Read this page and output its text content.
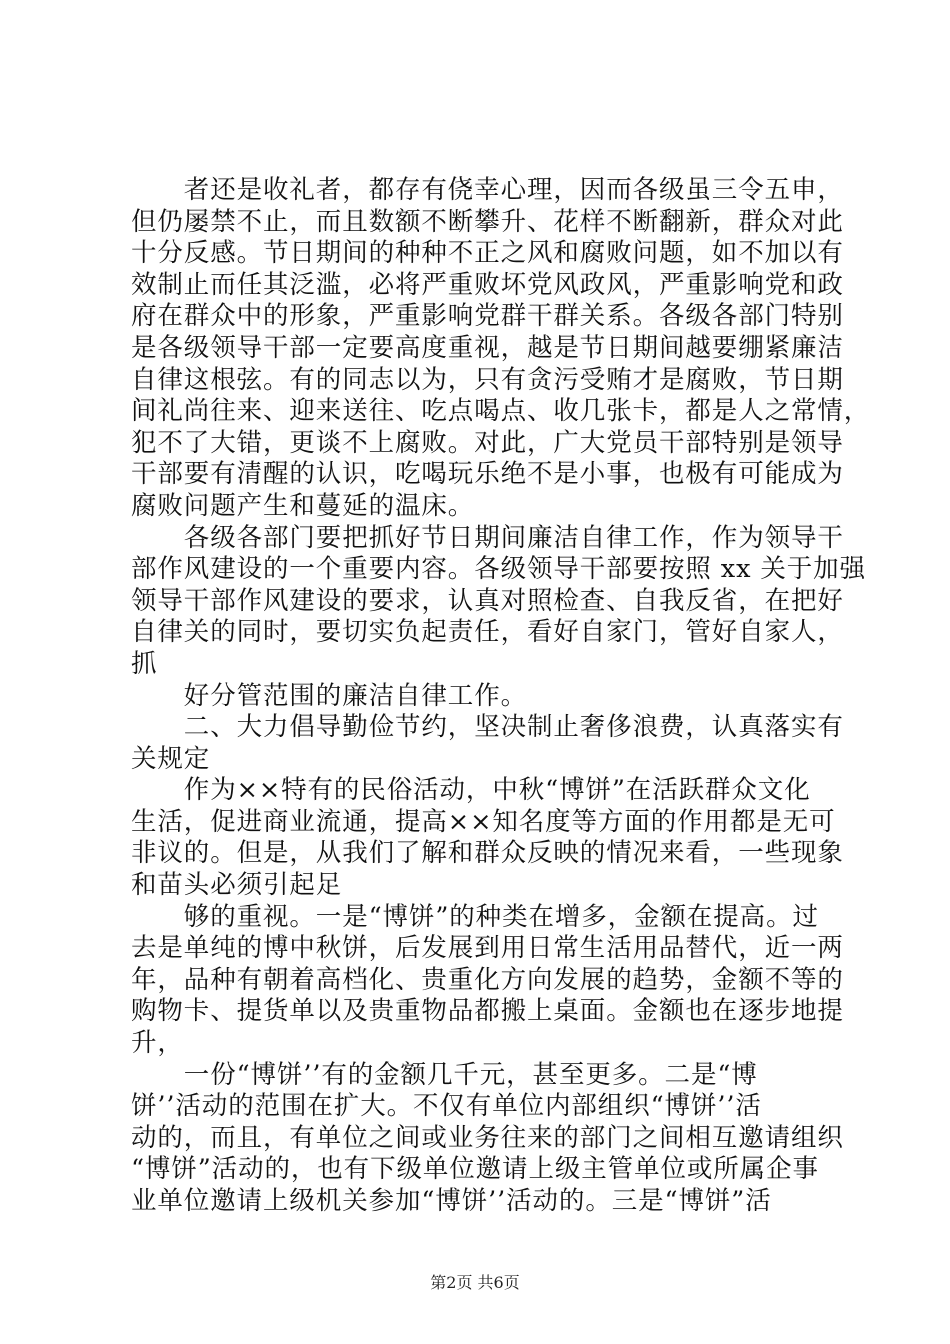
　　者还是收礼者，都存有侥幸心理，因而各级虽三令五申，
但仍屡禁不止，而且数额不断攀升、花样不断翻新，群众对此
十分反感。节日期间的种种不正之风和腐败问题，如不加以有
效制止而任其泛滥，必将严重败坏党风政风，严重影响党和政
府在群众中的形象，严重影响党群干群关系。各级各部门特别
是各级领导干部一定要高度重视，越是节日期间越要绷紧廉洁
自律这根弦。有的同志以为，只有贪污受贿才是腐败，节日期
间礼尚往来、迎来送往、吃点喝点、收几张卡，都是人之常情，
犯不了大错，更谈不上腐败。对此，广大党员干部特别是领导
干部要有清醒的认识，吃喝玩乐绝不是小事，也极有可能成为
腐败问题产生和蔓延的温床。
　　各级各部门要把抓好节日期间廉洁自律工作，作为领导干
部作风建设的一个重要内容。各级领导干部要按照 xx 关于加强
领导干部作风建设的要求，认真对照检查、自我反省，在把好
自律关的同时，要切实负起责任，看好自家门，管好自家人，
抓
　　好分管范围的廉洁自律工作。
　　二、大力倡导勤俭节约，坚决制止奢侈浪费，认真落实有
关规定
　　作为××特有的民俗活动，中秋“博饼”在活跃群众文化
生活，促进商业流通，提高××知名度等方面的作用都是无可
非议的。但是，从我们了解和群众反映的情况来看，一些现象
和苗头必须引起足
　　够的重视。一是“博饼”的种类在增多，金额在提高。过
去是单纯的博中秋饼，后发展到用日常生活用品替代，近一两
年，品种有朝着高档化、贵重化方向发展的趋势，金额不等的
购物卡、提货单以及贵重物品都搬上桌面。金额也在逐步地提
升，
　　一份“博饼’’有的金额几千元，甚至更多。二是“博
饼’’活动的范围在扩大。不仅有单位内部组织“博饼’’活
动的，而且，有单位之间或业务往来的部门之间相互邀请组织
“博饼”活动的，也有下级单位邀请上级主管单位或所属企事
业单位邀请上级机关参加“博饼’’活动的。三是“博饼”活
第2页 共6页
